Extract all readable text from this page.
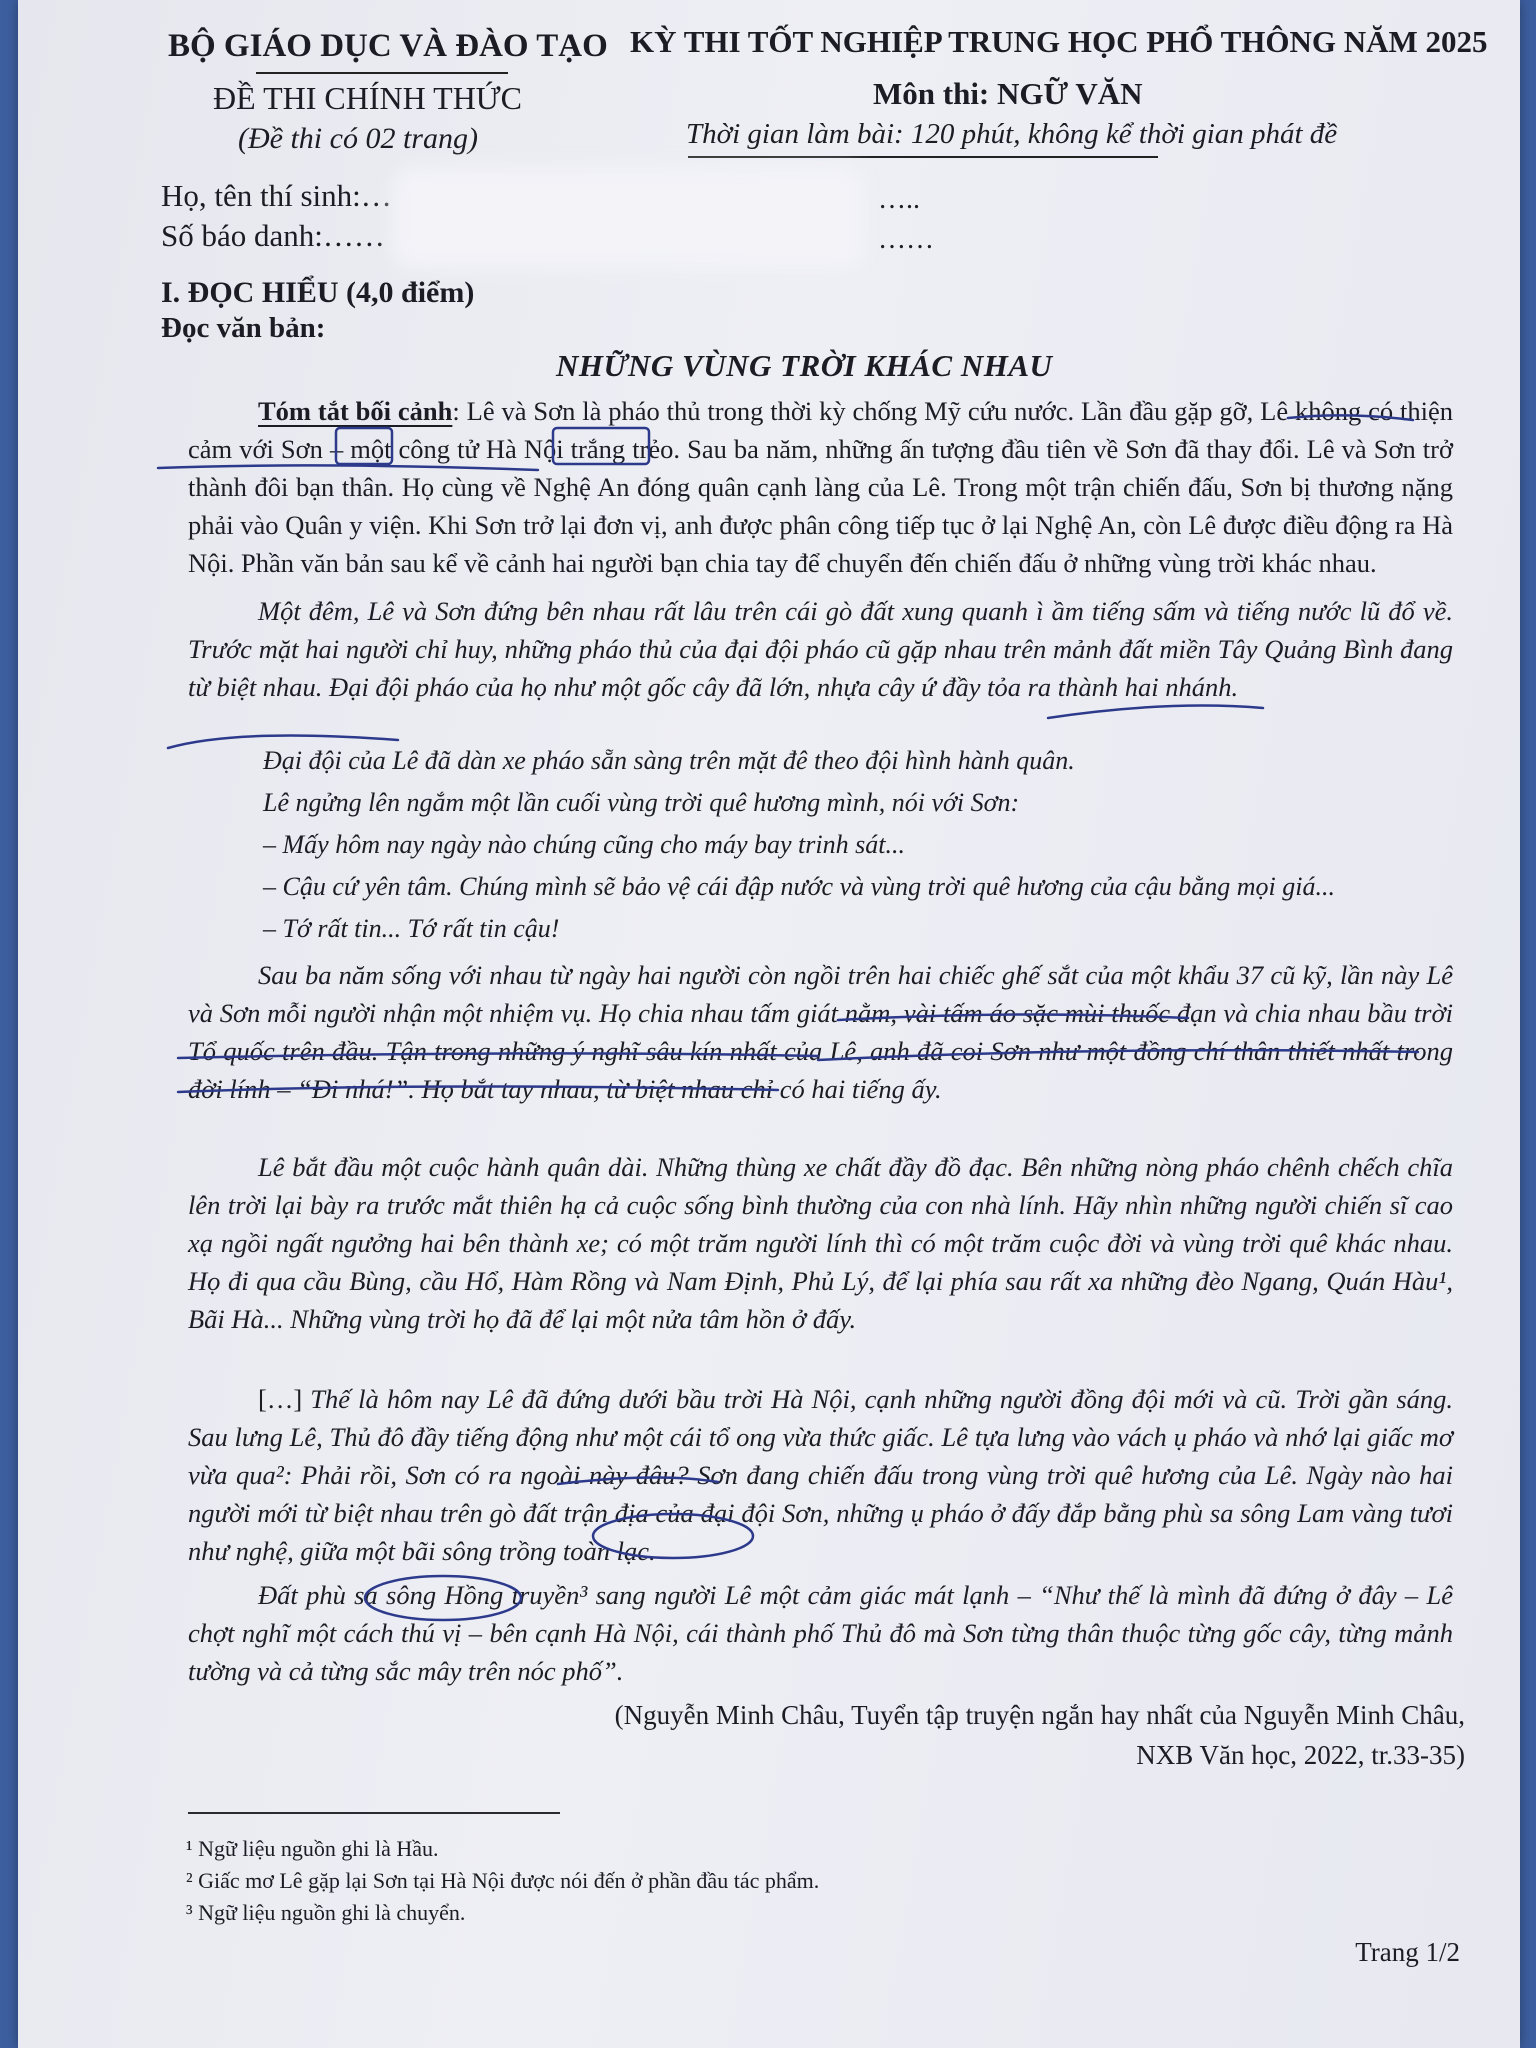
BỘ GIÁO DỤC VÀ ĐÀO TẠO KỲ THI TỐT NGHIỆP TRUNG HỌC PHỔ THÔNG NĂM 2025
ĐỀ THI CHÍNH THỨC	Môn thi: NGỮ VĂN
(Đề thi có 02 trang)	Thời gian làm bài: 120 phút, không kể thời gian phát đề
Họ, tên thí sinh:…	…..
Số báo danh:……	……
I. ĐỌC HIỂU (4,0 điểm)
Đọc văn bản:
NHỮNG VÙNG TRỜI KHÁC NHAU
Tóm tắt bối cảnh: Lê và Sơn là pháo thủ trong thời kỳ chống Mỹ cứu nước. Lần đầu gặp gỡ, Lê không có thiện cảm với Sơn – một công tử Hà Nội trắng trẻo. Sau ba năm, những ấn tượng đầu tiên về Sơn đã thay đổi. Lê và Sơn trở thành đôi bạn thân. Họ cùng về Nghệ An đóng quân cạnh làng của Lê. Trong một trận chiến đấu, Sơn bị thương nặng phải vào Quân y viện. Khi Sơn trở lại đơn vị, anh được phân công tiếp tục ở lại Nghệ An, còn Lê được điều động ra Hà Nội. Phần văn bản sau kể về cảnh hai người bạn chia tay để chuyển đến chiến đấu ở những vùng trời khác nhau.
Một đêm, Lê và Sơn đứng bên nhau rất lâu trên cái gò đất xung quanh ì ầm tiếng sấm và tiếng nước lũ đổ về. Trước mặt hai người chỉ huy, những pháo thủ của đại đội pháo cũ gặp nhau trên mảnh đất miền Tây Quảng Bình đang từ biệt nhau. Đại đội pháo của họ như một gốc cây đã lớn, nhựa cây ứ đầy tỏa ra thành hai nhánh.
Đại đội của Lê đã dàn xe pháo sẵn sàng trên mặt đê theo đội hình hành quân.
Lê ngửng lên ngắm một lần cuối vùng trời quê hương mình, nói với Sơn:
– Mấy hôm nay ngày nào chúng cũng cho máy bay trinh sát...
– Cậu cứ yên tâm. Chúng mình sẽ bảo vệ cái đập nước và vùng trời quê hương của cậu bằng mọi giá...
– Tớ rất tin... Tớ rất tin cậu!
Sau ba năm sống với nhau từ ngày hai người còn ngồi trên hai chiếc ghế sắt của một khẩu 37 cũ kỹ, lần này Lê và Sơn mỗi người nhận một nhiệm vụ. Họ chia nhau tấm giát nằm, vài tấm áo sặc mùi thuốc đạn và chia nhau bầu trời Tổ quốc trên đầu. Tận trong những ý nghĩ sâu kín nhất của Lê, anh đã coi Sơn như một đồng chí thân thiết nhất trong đời lính – “Đi nhá!”. Họ bắt tay nhau, từ biệt nhau chỉ có hai tiếng ấy.
Lê bắt đầu một cuộc hành quân dài. Những thùng xe chất đầy đồ đạc. Bên những nòng pháo chênh chếch chĩa lên trời lại bày ra trước mắt thiên hạ cả cuộc sống bình thường của con nhà lính. Hãy nhìn những người chiến sĩ cao xạ ngồi ngất ngưởng hai bên thành xe; có một trăm người lính thì có một trăm cuộc đời và vùng trời quê khác nhau. Họ đi qua cầu Bùng, cầu Hổ, Hàm Rồng và Nam Định, Phủ Lý, để lại phía sau rất xa những đèo Ngang, Quán Hàu¹, Bãi Hà... Những vùng trời họ đã để lại một nửa tâm hồn ở đấy.
[…] Thế là hôm nay Lê đã đứng dưới bầu trời Hà Nội, cạnh những người đồng đội mới và cũ. Trời gần sáng. Sau lưng Lê, Thủ đô đầy tiếng động như một cái tổ ong vừa thức giấc. Lê tựa lưng vào vách ụ pháo và nhớ lại giấc mơ vừa qua²: Phải rồi, Sơn có ra ngoài này đâu? Sơn đang chiến đấu trong vùng trời quê hương của Lê. Ngày nào hai người mới từ biệt nhau trên gò đất trận địa của đại đội Sơn, những ụ pháo ở đấy đắp bằng phù sa sông Lam vàng tươi như nghệ, giữa một bãi sông trồng toàn lạc.
Đất phù sa sông Hồng truyền³ sang người Lê một cảm giác mát lạnh – “Như thế là mình đã đứng ở đây – Lê chợt nghĩ một cách thú vị – bên cạnh Hà Nội, cái thành phố Thủ đô mà Sơn từng thân thuộc từng gốc cây, từng mảnh tường và cả từng sắc mây trên nóc phố”.
(Nguyễn Minh Châu, Tuyển tập truyện ngắn hay nhất của Nguyễn Minh Châu,
NXB Văn học, 2022, tr.33-35)
¹ Ngữ liệu nguồn ghi là Hầu.
² Giấc mơ Lê gặp lại Sơn tại Hà Nội được nói đến ở phần đầu tác phẩm.
³ Ngữ liệu nguồn ghi là chuyển.
Trang 1/2
